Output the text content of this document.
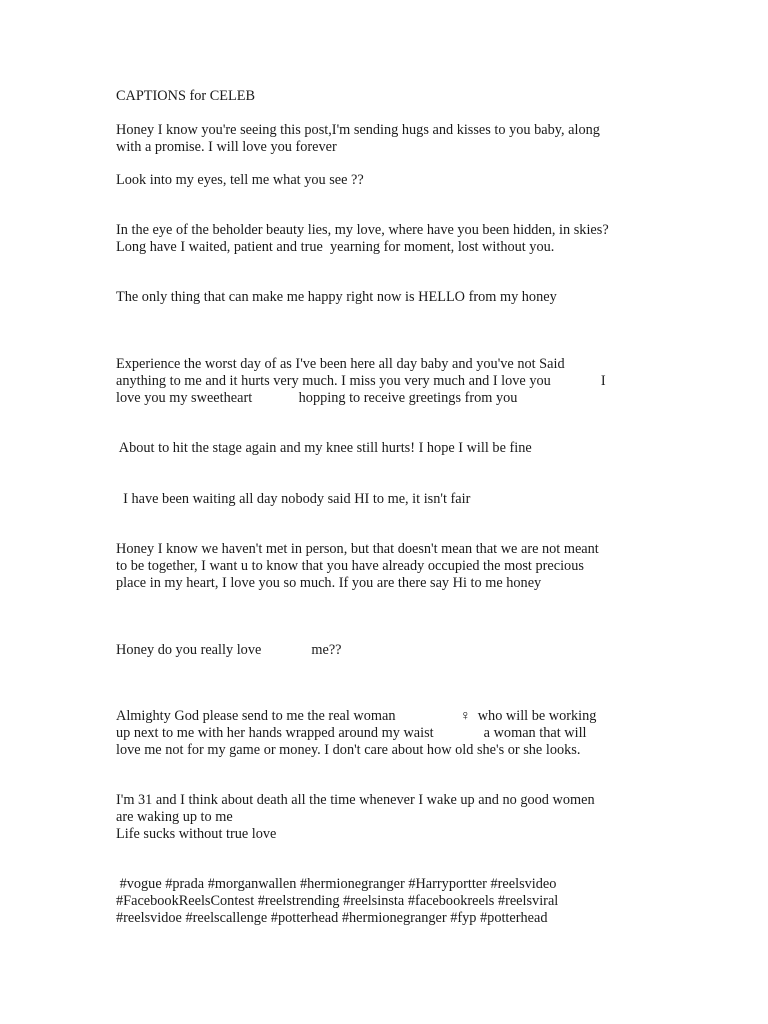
CAPTIONS for CELEB

Honey I know you're seeing this post,I'm sending hugs and kisses to you baby, along
with a promise. I will love you forever

Look into my eyes, tell me what you see ??

In the eye of the beholder beauty lies, my love, where have you been hidden, in skies?
Long have I waited, patient and true  yearning for moment, lost without you.

The only thing that can make me happy right now is HELLO from my honey

Experience the worst day of as I've been here all day baby and you've not Said
anything to me and it hurts very much. I miss you very much and I love you              I
love you my sweetheart             hopping to receive greetings from you

About to hit the stage again and my knee still hurts! I hope I will be fine

I have been waiting all day nobody said HI to me, it isn't fair

Honey I know we haven't met in person, but that doesn't mean that we are not meant
to be together, I want u to know that you have already occupied the most precious
place in my heart, I love you so much. If you are there say Hi to me honey

Honey do you really love              me??

Almighty God please send to me the real woman                  ♀  who will be working
up next to me with her hands wrapped around my waist              a woman that will
love me not for my game or money. I don't care about how old she's or she looks.

I'm 31 and I think about death all the time whenever I wake up and no good women
are waking up to me
Life sucks without true love

#vogue #prada #morganwallen #hermionegranger #Harryportter #reelsvideo
#FacebookReelsContest #reelstrending #reelsinsta #facebookreels #reelsviral
#reelsvidoe #reelscallenge #potterhead #hermionegranger #fyp #potterhead
